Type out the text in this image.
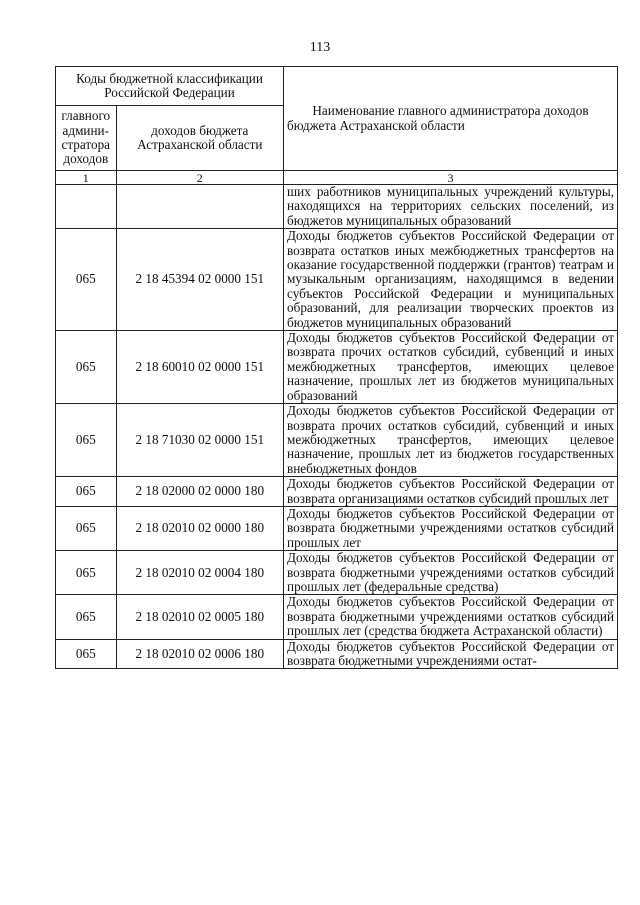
113
Коды бюджетной классификации Российской Федерации		Наименование главного администратора доходов бюджета Астраханской области
главного админи-стратора доходов	доходов бюджета Астраханской области	
1	2	3
		ших работников муниципальных учреждений культуры, находящихся на территориях сельских поселений, из бюджетов муниципальных образований
065	2 18 45394 02 0000 151	Доходы бюджетов субъектов Российской Федерации от возврата остатков иных межбюджетных трансфертов на оказание государственной поддержки (грантов) театрам и музыкальным организациям, находящимся в ведении субъектов Российской Федерации и муниципальных образований, для реализации творческих проектов из бюджетов муниципальных образований
065	2 18 60010 02 0000 151	Доходы бюджетов субъектов Российской Федерации от возврата прочих остатков субсидий, субвенций и иных межбюджетных трансфертов, имеющих целевое назначение, прошлых лет из бюджетов муниципальных образований
065	2 18 71030 02 0000 151	Доходы бюджетов субъектов Российской Федерации от возврата прочих остатков субсидий, субвенций и иных межбюджетных трансфертов, имеющих целевое назначение, прошлых лет из бюджетов государственных внебюджетных фондов
065	2 18 02000 02 0000 180	Доходы бюджетов субъектов Российской Федерации от возврата организациями остатков субсидий прошлых лет
065	2 18 02010 02 0000 180	Доходы бюджетов субъектов Российской Федерации от возврата бюджетными учреждениями остатков субсидий прошлых лет
065	2 18 02010 02 0004 180	Доходы бюджетов субъектов Российской Федерации от возврата бюджетными учреждениями остатков субсидий прошлых лет (федеральные средства)
065	2 18 02010 02 0005 180	Доходы бюджетов субъектов Российской Федерации от возврата бюджетными учреждениями остатков субсидий прошлых лет (средства бюджета Астраханской области)
065	2 18 02010 02 0006 180	Доходы бюджетов субъектов Российской Федерации от возврата бюджетными учреждениями остат-
